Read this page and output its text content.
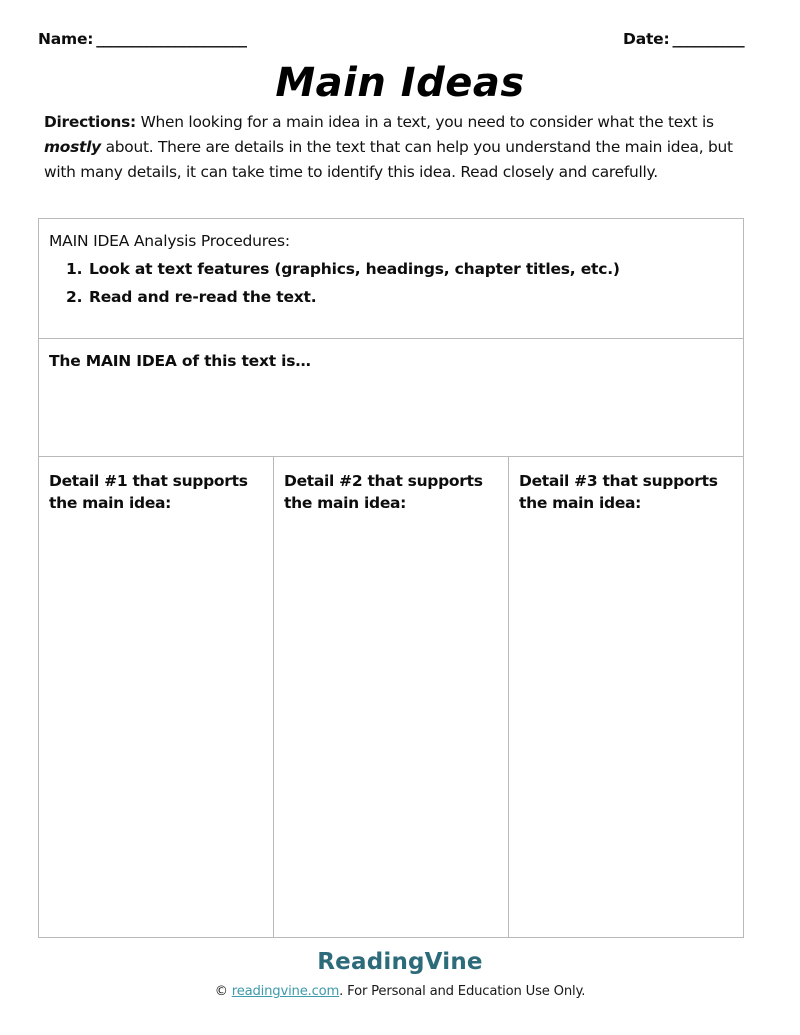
Name: _____________________	Date: __________
Main Ideas
Directions: When looking for a main idea in a text, you need to consider what the text is mostly about. There are details in the text that can help you understand the main idea, but with many details, it can take time to identify this idea. Read closely and carefully.
MAIN IDEA Analysis Procedures:
1. Look at text features (graphics, headings, chapter titles, etc.)
2. Read and re-read the text.
The MAIN IDEA of this text is…
Detail #1 that supports the main idea:
Detail #2 that supports the main idea:
Detail #3 that supports the main idea:
ReadingVine
© readingvine.com. For Personal and Education Use Only.
